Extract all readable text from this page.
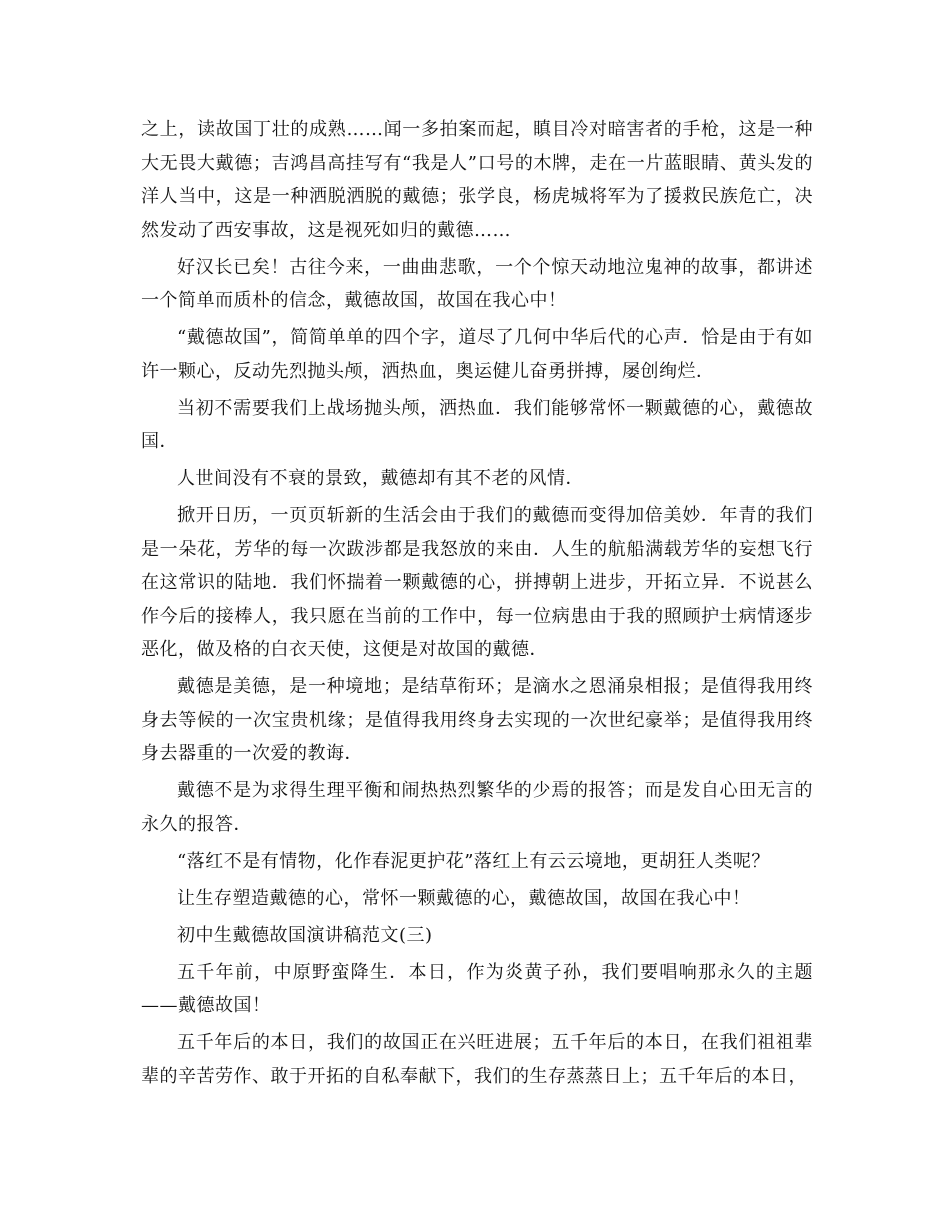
之上，读故国丁壮的成熟……闻一多拍案而起，瞋目冷对暗害者的手枪，这是一种大无畏大戴德；吉鸿昌高挂写有“我是人”口号的木牌，走在一片蓝眼睛、黄头发的洋人当中，这是一种洒脱洒脱的戴德；张学良，杨虎城将军为了援救民族危亡，决然发动了西安事故，这是视死如归的戴德……

好汉长已矣！古往今来，一曲曲悲歌，一个个惊天动地泣鬼神的故事，都讲述一个简单而质朴的信念，戴德故国，故国在我心中！

“戴德故国”，简简单单的四个字，道尽了几何中华后代的心声．恰是由于有如许一颗心，反动先烈抛头颅，洒热血，奥运健儿奋勇拼搏，屡创绚烂．

当初不需要我们上战场抛头颅，洒热血．我们能够常怀一颗戴德的心，戴德故国．

人世间没有不衰的景致，戴德却有其不老的风情．

掀开日历，一页页斩新的生活会由于我们的戴德而变得加倍美妙．年青的我们是一朵花，芳华的每一次跋涉都是我怒放的来由．人生的航船满载芳华的妄想飞行在这常识的陆地．我们怀揣着一颗戴德的心，拼搏朝上进步，开拓立异．不说甚么作今后的接棒人，我只愿在当前的工作中，每一位病患由于我的照顾护士病情逐步恶化，做及格的白衣天使，这便是对故国的戴德．

戴德是美德，是一种境地；是结草衔环；是滴水之恩涌泉相报；是值得我用终身去等候的一次宝贵机缘；是值得我用终身去实现的一次世纪豪举；是值得我用终身去器重的一次爱的教诲．

戴德不是为求得生理平衡和闹热热烈繁华的少焉的报答；而是发自心田无言的永久的报答．

“落红不是有情物，化作春泥更护花”落红上有云云境地，更胡狂人类呢？

让生存塑造戴德的心，常怀一颗戴德的心，戴德故国，故国在我心中！

初中生戴德故国演讲稿范文(三)

五千年前，中原野蛮降生．本日，作为炎黄子孙，我们要唱响那永久的主题——戴德故国！

五千年后的本日，我们的故国正在兴旺进展；五千年后的本日，在我们祖祖辈辈的辛苦劳作、敢于开拓的自私奉献下，我们的生存蒸蒸日上；五千年后的本日，
